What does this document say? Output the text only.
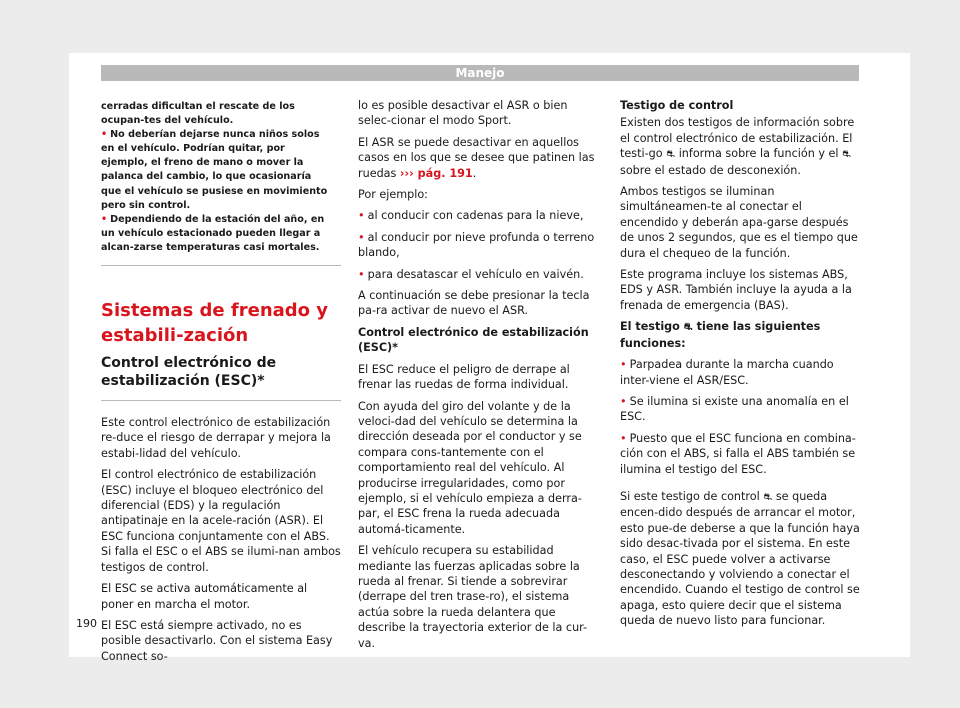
Manejo

cerradas dificultan el rescate de los ocupan-tes del vehículo.

• No deberían dejarse nunca niños solos en el vehículo. Podrían quitar, por ejemplo, el freno de mano o mover la palanca del cambio, lo que ocasionaría que el vehículo se pusiese en movimiento pero sin control.

• Dependiendo de la estación del año, en un vehículo estacionado pueden llegar a alcan-zarse temperaturas casi mortales.

Sistemas de frenado y estabili-zación
Control electrónico de estabilización (ESC)*

Este control electrónico de estabilización re-duce el riesgo de derrapar y mejora la estabi-lidad del vehículo.

El control electrónico de estabilización (ESC) incluye el bloqueo electrónico del diferencial (EDS) y la regulación antipatinaje en la acele-ración (ASR). El ESC funciona conjuntamente con el ABS. Si falla el ESC o el ABS se ilumi-nan ambos testigos de control.

El ESC se activa automáticamente al poner en marcha el motor.

El ESC está siempre activado, no es posible desactivarlo. Con el sistema Easy Connect so-

lo es posible desactivar el ASR o bien selec-cionar el modo Sport.

El ASR se puede desactivar en aquellos casos en los que se desee que patinen las ruedas ››› pág. 191.

Por ejemplo:

• al conducir con cadenas para la nieve,

• al conducir por nieve profunda o terreno blando,

• para desatascar el vehículo en vaivén.

A continuación se debe presionar la tecla pa-ra activar de nuevo el ASR.

Control electrónico de estabilización (ESC)*

El ESC reduce el peligro de derrape al frenar las ruedas de forma individual.

Con ayuda del giro del volante y de la veloci-dad del vehículo se determina la dirección deseada por el conductor y se compara cons-tantemente con el comportamiento real del vehículo. Al producirse irregularidades, como por ejemplo, si el vehículo empieza a derra-par, el ESC frena la rueda adecuada automá-ticamente.

El vehículo recupera su estabilidad mediante las fuerzas aplicadas sobre la rueda al frenar. Si tiende a sobrevirar (derrape del tren trase-ro), el sistema actúa sobre la rueda delantera que describe la trayectoria exterior de la cur-va.

Testigo de control

Existen dos testigos de información sobre el control electrónico de estabilización. El testi-go ⛐ informa sobre la función y el ⛐ sobre el estado de desconexión.

Ambos testigos se iluminan simultáneamen-te al conectar el encendido y deberán apa-garse después de unos 2 segundos, que es el tiempo que dura el chequeo de la función.

Este programa incluye los sistemas ABS, EDS y ASR. También incluye la ayuda a la frenada de emergencia (BAS).

El testigo ⛐ tiene las siguientes funciones:

• Parpadea durante la marcha cuando inter-viene el ASR/ESC.

• Se ilumina si existe una anomalía en el ESC.

• Puesto que el ESC funciona en combina-ción con el ABS, si falla el ABS también se ilumina el testigo del ESC.

Si este testigo de control ⛐ se queda encen-dido después de arrancar el motor, esto pue-de deberse a que la función haya sido desac-tivada por el sistema. En este caso, el ESC puede volver a activarse desconectando y volviendo a conectar el encendido. Cuando el testigo de control se apaga, esto quiere decir que el sistema queda de nuevo listo para funcionar.

190
